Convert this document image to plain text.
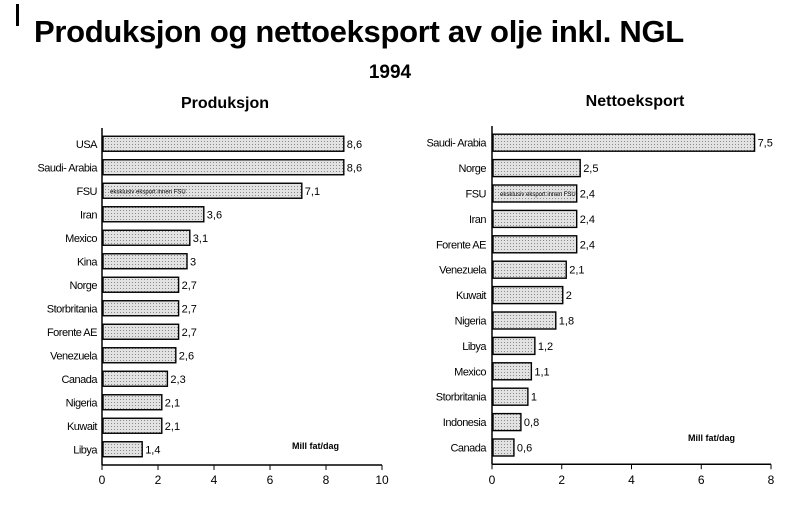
Produksjon og nettoeksport av olje inkl. NGL
1994
Produksjon	Nettoeksport
0	2	4	6	8	10
USA	8,6
Saudi- Arabia	8,6
FSU	7,1
eksklusiv eksport innen FSU
Iran	3,6
Mexico	3,1
Kina	3
Norge	2,7
Storbritania	2,7
Forente AE	2,7
Venezuela	2,6
Canada	2,3
Nigeria	2,1
Kuwait	2,1
Libya	1,4	Mill fat/dag
0	2	4	6	8
Saudi- Arabia	7,5
Norge	2,5
FSU	2,4
eksklusiv eksport innen FSU
Iran	2,4
Forente AE	2,4
Venezuela	2,1
Kuwait	2
Nigeria	1,8
Libya	1,2
Mexico	1,1
Storbritania	1
Indonesia	0,8
Canada	0,6
Mill fat/dag
